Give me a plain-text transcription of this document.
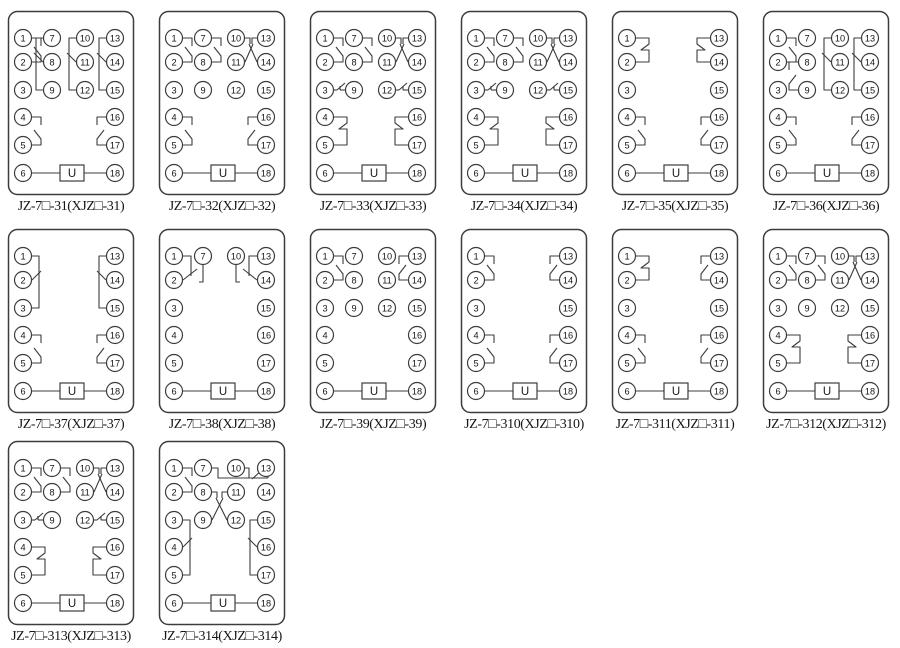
U
1
2
3
4
5
6
7
8
9
10
11
12
13
14
15
16
17
18
JZ-7□-31(XJZ□-31)
U
1
2
3
4
5
6
7
8
9
10
11
12
13
14
15
16
17
18
JZ-7□-32(XJZ□-32)
U
1
2
3
4
5
6
7
8
9
10
11
12
13
14
15
16
17
18
JZ-7□-33(XJZ□-33)
U
1
2
3
4
5
6
7
8
9
10
11
12
13
14
15
16
17
18
JZ-7□-34(XJZ□-34)
U
1
2
3
4
5
6
13
14
15
16
17
18
JZ-7□-35(XJZ□-35)
U
1
2
3
4
5
6
7
8
9
10
11
12
13
14
15
16
17
18
JZ-7□-36(XJZ□-36)
U
1
2
3
4
5
6
13
14
15
16
17
18
JZ-7□-37(XJZ□-37)
U
1
2
3
4
5
6
7	10 13
14
15
16
17
18
JZ-7□-38(XJZ□-38)
U
1
2
3
4
5
6
7
8
9
10
11
12
13
14
15
16
17
18
JZ-7□-39(XJZ□-39)
U
1
2
3
4
5
6
13
14
15
16
17
18
JZ-7□-310(XJZ□-310)
U
1
2
3
4
5
6
13
14
15
16
17
18
JZ-7□-311(XJZ□-311)
U
1
2
3
4
5
6
7
8
9
10
11
12
13
14
15
16
17
18
JZ-7□-312(XJZ□-312)
U
1
2
3
4
5
6
7
8
9
10
11
12
13
14
15
16
17
18
JZ-7□-313(XJZ□-313)
U
1
2
3
4
5
6
7
8
9
10
11
12
13
14
15
16
17
18
JZ-7□-314(XJZ□-314)
